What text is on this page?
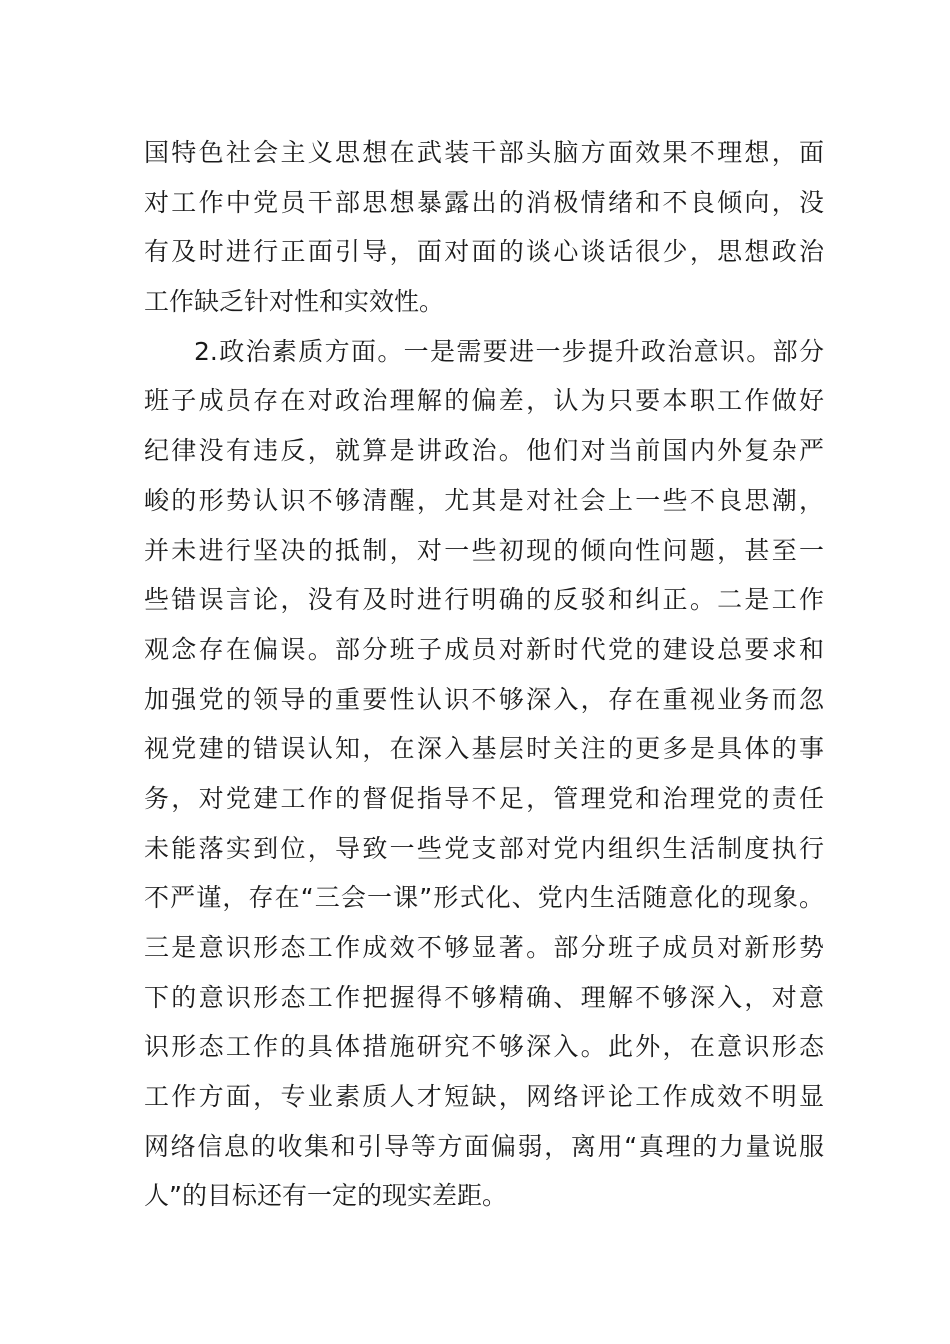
国特色社会主义思想在武装干部头脑方面效果不理想，面
对工作中党员干部思想暴露出的消极情绪和不良倾向，没
有及时进行正面引导，面对面的谈心谈话很少，思想政治
工作缺乏针对性和实效性。
2.政治素质方面。一是需要进一步提升政治意识。部分
班子成员存在对政治理解的偏差，认为只要本职工作做好
纪律没有违反，就算是讲政治。他们对当前国内外复杂严
峻的形势认识不够清醒，尤其是对社会上一些不良思潮，
并未进行坚决的抵制，对一些初现的倾向性问题，甚至一
些错误言论，没有及时进行明确的反驳和纠正。二是工作
观念存在偏误。部分班子成员对新时代党的建设总要求和
加强党的领导的重要性认识不够深入，存在重视业务而忽
视党建的错误认知，在深入基层时关注的更多是具体的事
务，对党建工作的督促指导不足，管理党和治理党的责任
未能落实到位，导致一些党支部对党内组织生活制度执行
不严谨，存在“三会一课”形式化、党内生活随意化的现象。
三是意识形态工作成效不够显著。部分班子成员对新形势
下的意识形态工作把握得不够精确、理解不够深入，对意
识形态工作的具体措施研究不够深入。此外，在意识形态
工作方面，专业素质人才短缺，网络评论工作成效不明显
网络信息的收集和引导等方面偏弱，离用“真理的力量说服
人”的目标还有一定的现实差距。
